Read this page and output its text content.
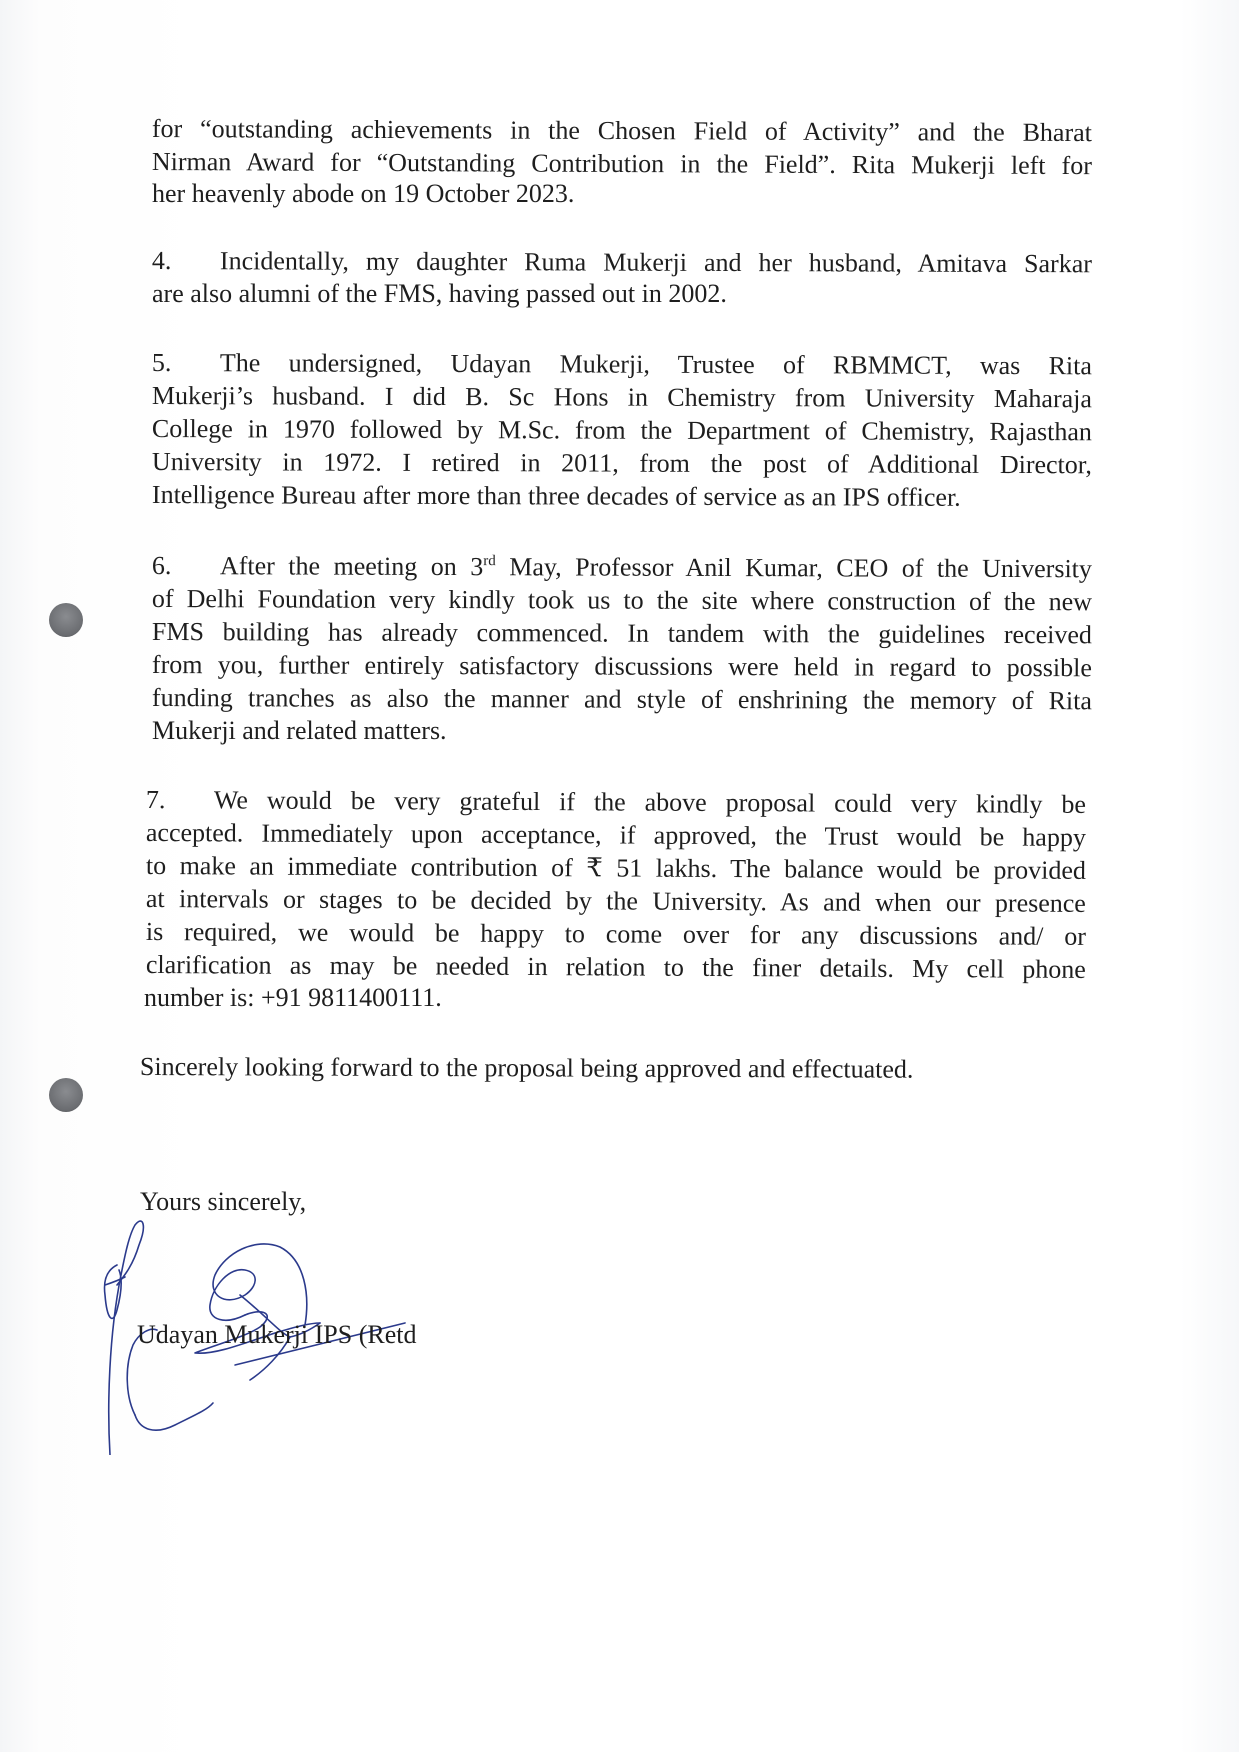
for “outstanding achievements in the Chosen Field of Activity” and the Bharat
Nirman Award for “Outstanding Contribution in the Field”. Rita Mukerji left for
her heavenly abode on 19 October 2023.
4. Incidentally, my daughter Ruma Mukerji and her husband, Amitava Sarkar
are also alumni of the FMS, having passed out in 2002.
5. The undersigned, Udayan Mukerji, Trustee of RBMMCT, was Rita
Mukerji’s husband. I did B. Sc Hons in Chemistry from University Maharaja
College in 1970 followed by M.Sc. from the Department of Chemistry, Rajasthan
University in 1972. I retired in 2011, from the post of Additional Director,
Intelligence Bureau after more than three decades of service as an IPS officer.
6. After the meeting on 3rd May, Professor Anil Kumar, CEO of the University
of Delhi Foundation very kindly took us to the site where construction of the new
FMS building has already commenced. In tandem with the guidelines received
from you, further entirely satisfactory discussions were held in regard to possible
funding tranches as also the manner and style of enshrining the memory of Rita
Mukerji and related matters.
7. We would be very grateful if the above proposal could very kindly be
accepted. Immediately upon acceptance, if approved, the Trust would be happy
to make an immediate contribution of ₹ 51 lakhs. The balance would be provided
at intervals or stages to be decided by the University. As and when our presence
is required, we would be happy to come over for any discussions and/ or
clarification as may be needed in relation to the finer details. My cell phone
number is: +91 9811400111.
Sincerely looking forward to the proposal being approved and effectuated.
Yours sincerely,
Udayan Mukerji IPS (Retd
